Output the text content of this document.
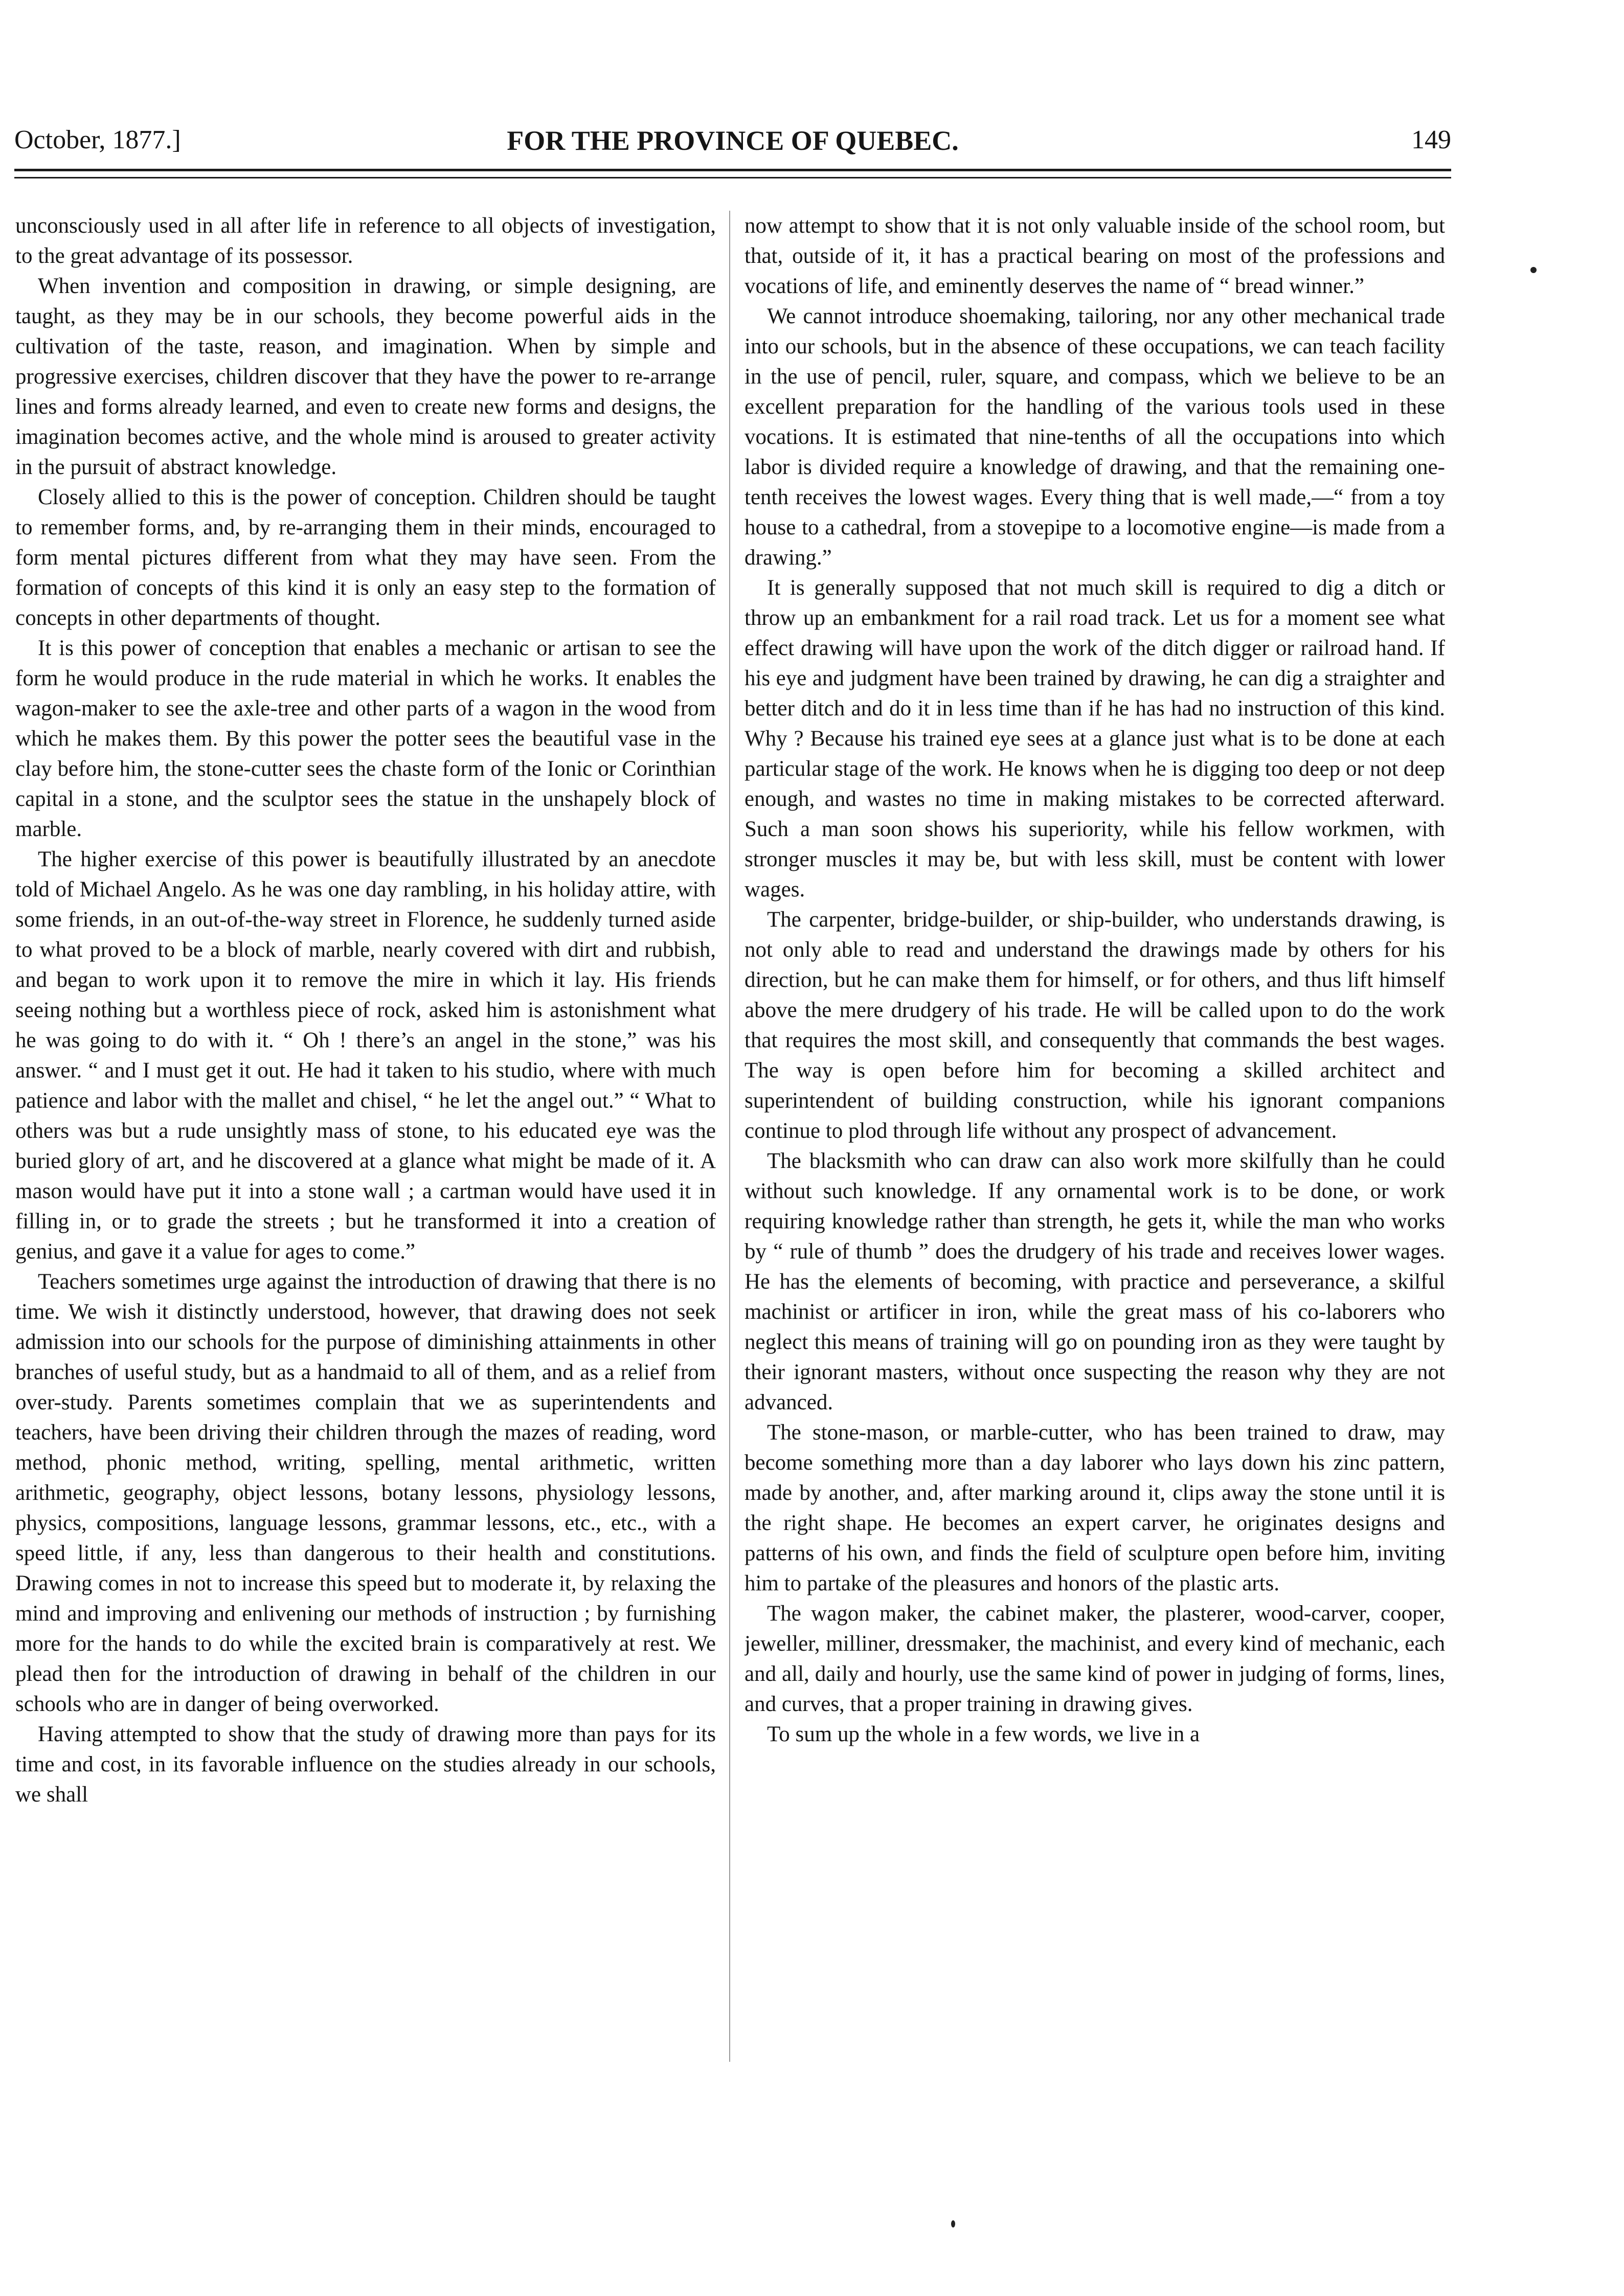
October, 1877.]	FOR THE PROVINCE OF QUEBEC.	149

unconsciously used in all after life in reference to all objects of investigation, to the great advantage of its possessor.

When invention and composition in drawing, or simple designing, are taught, as they may be in our schools, they become powerful aids in the cultivation of the taste, reason, and imagination. When by simple and progressive exercises, children discover that they have the power to re-arrange lines and forms already learned, and even to create new forms and designs, the imagination becomes active, and the whole mind is aroused to greater activity in the pursuit of abstract knowledge.

Closely allied to this is the power of conception. Children should be taught to remember forms, and, by re-arranging them in their minds, encouraged to form mental pictures different from what they may have seen. From the formation of concepts of this kind it is only an easy step to the formation of concepts in other departments of thought.

It is this power of conception that enables a mechanic or artisan to see the form he would produce in the rude material in which he works. It enables the wagon-maker to see the axle-tree and other parts of a wagon in the wood from which he makes them. By this power the potter sees the beautiful vase in the clay before him, the stone-cutter sees the chaste form of the Ionic or Corinthian capital in a stone, and the sculptor sees the statue in the unshapely block of marble.

The higher exercise of this power is beautifully illustrated by an anecdote told of Michael Angelo. As he was one day rambling, in his holiday attire, with some friends, in an out-of-the-way street in Florence, he suddenly turned aside to what proved to be a block of marble, nearly covered with dirt and rubbish, and began to work upon it to remove the mire in which it lay. His friends seeing nothing but a worthless piece of rock, asked him is astonishment what he was going to do with it. “ Oh ! there’s an angel in the stone,” was his answer. “ and I must get it out. He had it taken to his studio, where with much patience and labor with the mallet and chisel, “ he let the angel out.” “ What to others was but a rude unsightly mass of stone, to his educated eye was the buried glory of art, and he discovered at a glance what might be made of it. A mason would have put it into a stone wall ; a cartman would have used it in filling in, or to grade the streets ; but he transformed it into a creation of genius, and gave it a value for ages to come.”

Teachers sometimes urge against the introduction of drawing that there is no time. We wish it distinctly understood, however, that drawing does not seek admission into our schools for the purpose of diminishing attainments in other branches of useful study, but as a handmaid to all of them, and as a relief from over-study. Parents sometimes complain that we as superintendents and teachers, have been driving their children through the mazes of reading, word method, phonic method, writing, spelling, mental arithmetic, written arithmetic, geography, object lessons, botany lessons, physiology lessons, physics, compositions, language lessons, grammar lessons, etc., etc., with a speed little, if any, less than dangerous to their health and constitutions. Drawing comes in not to increase this speed but to moderate it, by relaxing the mind and improving and enlivening our methods of instruction ; by furnishing more for the hands to do while the excited brain is comparatively at rest. We plead then for the introduction of drawing in behalf of the children in our schools who are in danger of being overworked.

Having attempted to show that the study of drawing more than pays for its time and cost, in its favorable influence on the studies already in our schools, we shall

now attempt to show that it is not only valuable inside of the school room, but that, outside of it, it has a practical bearing on most of the professions and vocations of life, and eminently deserves the name of “ bread winner.”

We cannot introduce shoemaking, tailoring, nor any other mechanical trade into our schools, but in the absence of these occupations, we can teach facility in the use of pencil, ruler, square, and compass, which we believe to be an excellent preparation for the handling of the various tools used in these vocations. It is estimated that nine-tenths of all the occupations into which labor is divided require a knowledge of drawing, and that the remaining one-tenth receives the lowest wages. Every thing that is well made,—“ from a toy house to a cathedral, from a stovepipe to a locomotive engine—is made from a drawing.”

It is generally supposed that not much skill is required to dig a ditch or throw up an embankment for a rail road track. Let us for a moment see what effect drawing will have upon the work of the ditch digger or railroad hand. If his eye and judgment have been trained by drawing, he can dig a straighter and better ditch and do it in less time than if he has had no instruction of this kind. Why ? Because his trained eye sees at a glance just what is to be done at each particular stage of the work. He knows when he is digging too deep or not deep enough, and wastes no time in making mistakes to be corrected afterward. Such a man soon shows his superiority, while his fellow workmen, with stronger muscles it may be, but with less skill, must be content with lower wages.

The carpenter, bridge-builder, or ship-builder, who understands drawing, is not only able to read and understand the drawings made by others for his direction, but he can make them for himself, or for others, and thus lift himself above the mere drudgery of his trade. He will be called upon to do the work that requires the most skill, and consequently that commands the best wages. The way is open before him for becoming a skilled architect and superintendent of building construction, while his ignorant companions continue to plod through life without any prospect of advancement.

The blacksmith who can draw can also work more skilfully than he could without such knowledge. If any ornamental work is to be done, or work requiring knowledge rather than strength, he gets it, while the man who works by “ rule of thumb ” does the drudgery of his trade and receives lower wages. He has the elements of becoming, with practice and perseverance, a skilful machinist or artificer in iron, while the great mass of his co-laborers who neglect this means of training will go on pounding iron as they were taught by their ignorant masters, without once suspecting the reason why they are not advanced.

The stone-mason, or marble-cutter, who has been trained to draw, may become something more than a day laborer who lays down his zinc pattern, made by another, and, after marking around it, clips away the stone until it is the right shape. He becomes an expert carver, he originates designs and patterns of his own, and finds the field of sculpture open before him, inviting him to partake of the pleasures and honors of the plastic arts.

The wagon maker, the cabinet maker, the plasterer, wood-carver, cooper, jeweller, milliner, dressmaker, the machinist, and every kind of mechanic, each and all, daily and hourly, use the same kind of power in judging of forms, lines, and curves, that a proper training in drawing gives.

To sum up the whole in a few words, we live in a
